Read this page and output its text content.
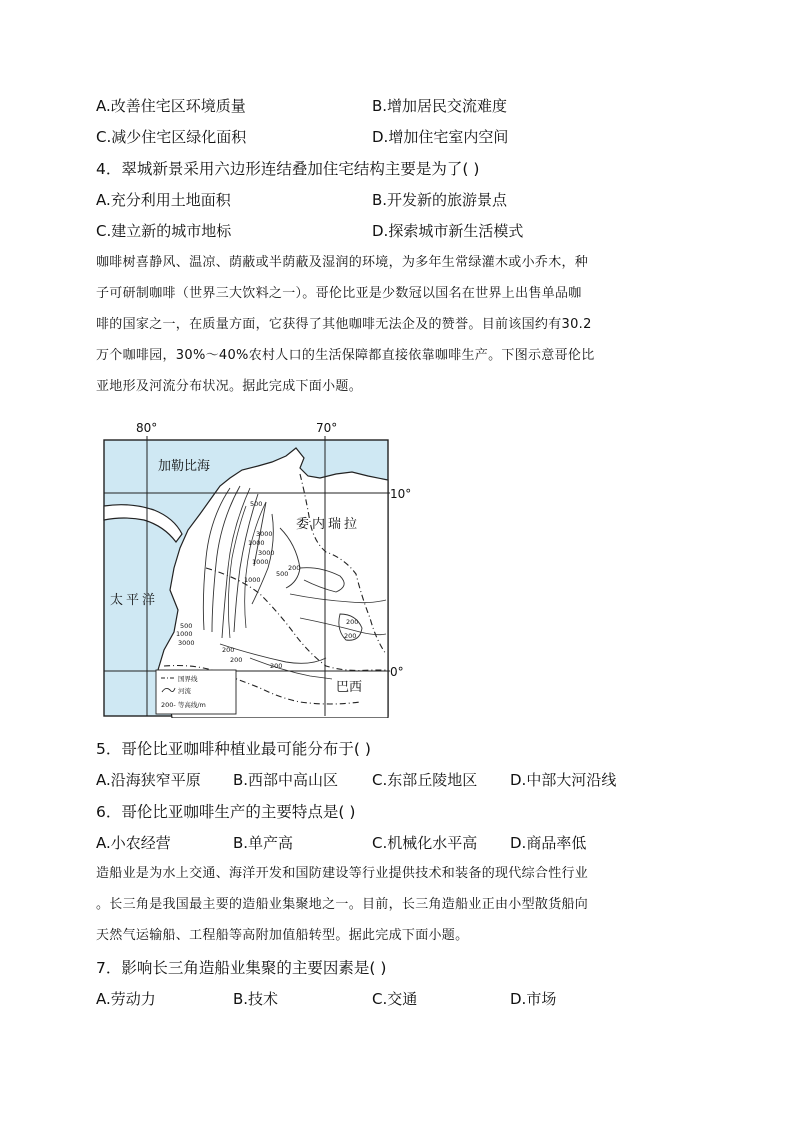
A.改善住宅区环境质量	B.增加居民交流难度
C.减少住宅区绿化面积	D.增加住宅室内空间
4．翠城新景采用六边形连结叠加住宅结构主要是为了( )
A.充分利用土地面积	B.开发新的旅游景点
C.建立新的城市地标	D.探索城市新生活模式
咖啡树喜静风、温凉、荫蔽或半荫蔽及湿润的环境，为多年生常绿灌木或小乔木，种
子可研制咖啡（世界三大饮料之一）。哥伦比亚是少数冠以国名在世界上出售单品咖
啡的国家之一，在质量方面，它获得了其他咖啡无法企及的赞誉。目前该国约有30.2
万个咖啡园，30%～40%农村人口的生活保障都直接依靠咖啡生产。下图示意哥伦比
亚地形及河流分布状况。据此完成下面小题。
80°	70°
10°
0°
加勒比海
太平洋
委内瑞拉
巴西
500
3000
1000
3000
1000
200
500
1000
200
200
500
1000
3000
200
200
200
国界线
河流
200- 等高线/m
5．哥伦比亚咖啡种植业最可能分布于( )
A.沿海狭窄平原 B.西部中高山区 C.东部丘陵地区 D.中部大河沿线
6．哥伦比亚咖啡生产的主要特点是( )
A.小农经营	B.单产高	C.机械化水平高 D.商品率低
造船业是为水上交通、海洋开发和国防建设等行业提供技术和装备的现代综合性行业
。长三角是我国最主要的造船业集聚地之一。目前，长三角造船业正由小型散货船向
天然气运输船、工程船等高附加值船转型。据此完成下面小题。
7．影响长三角造船业集聚的主要因素是( )
A.劳动力	B.技术	C.交通	D.市场
